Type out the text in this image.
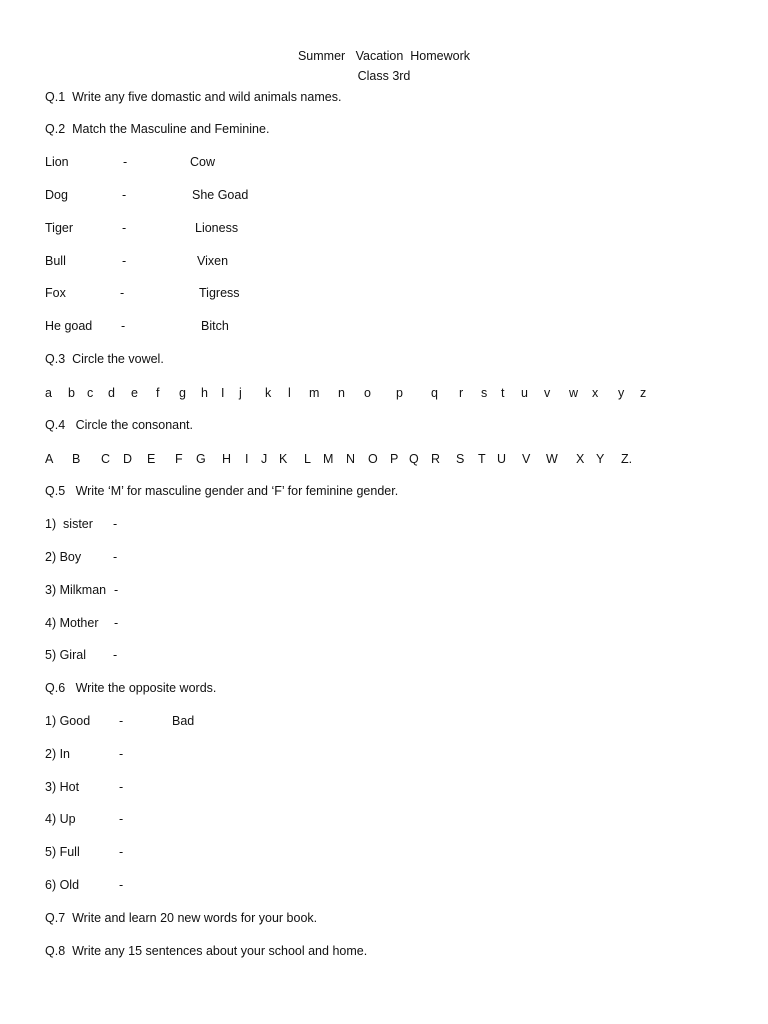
Summer   Vacation  Homework
Class 3rd
Q.1  Write any five domastic and wild animals names.
Q.2  Match the Masculine and Feminine.
Lion	-	Cow
Dog	-	She Goad
Tiger	-	Lioness
Bull	-	Vixen
Fox	-	Tigress
He goad -	Bitch
Q.3  Circle the vowel.
a b c d e f g h I j k l m n o p q r s t u v w x y z
Q.4   Circle the consonant.
A B C D E F G H I J K L M N O P Q R S T U V W X Y Z.
Q.5   Write ‘M’ for masculine gender and ‘F’ for feminine gender.
1)  sister -
2) Boy	-
3) Milkman -
4) Mother -
5) Giral -
Q.6   Write the opposite words.
1) Good -	Bad
2) In	-
3) Hot	-
4) Up	-
5) Full	-
6) Old	-
Q.7  Write and learn 20 new words for your book.
Q.8  Write any 15 sentences about your school and home.
